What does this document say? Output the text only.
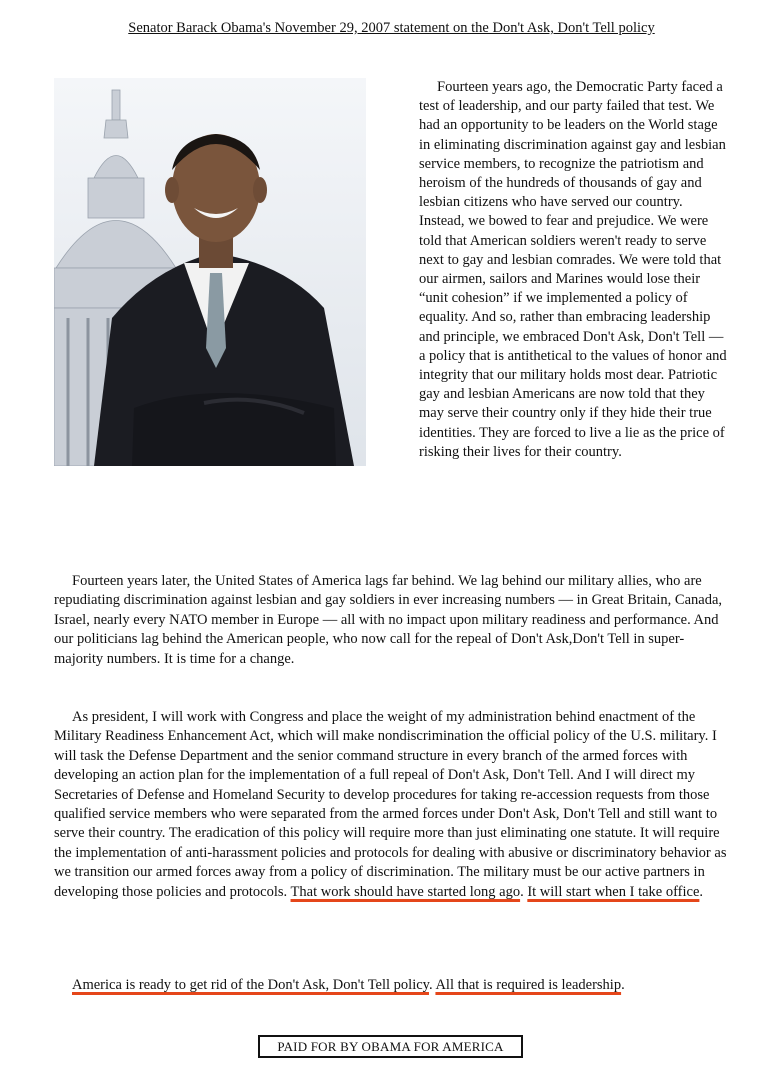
Senator Barack Obama's November 29, 2007 statement on the Don't Ask, Don't Tell policy

Fourteen years ago, the Democratic Party faced a test of leadership, and our party failed that test. We had an opportunity to be leaders on the World stage in eliminating discrimination against gay and lesbian service members, to recognize the patriotism and heroism of the hundreds of thousands of gay and lesbian citizens who have served our country. Instead, we bowed to fear and prejudice. We were told that American soldiers weren't ready to serve next to gay and lesbian comrades. We were told that our airmen, sailors and Marines would lose their “unit cohesion” if we implemented a policy of equality. And so, rather than embracing leadership and principle, we embraced Don't Ask, Don't Tell — a policy that is antithetical to the values of honor and integrity that our military holds most dear. Patriotic gay and lesbian Americans are now told that they may serve their country only if they hide their true identities. They are forced to live a lie as the price of risking their lives for their country.

Fourteen years later, the United States of America lags far behind. We lag behind our military allies, who are repudiating discrimination against lesbian and gay soldiers in ever increasing numbers — in Great Britain, Canada, Israel, nearly every NATO member in Europe — all with no impact upon military readiness and performance. And our politicians lag behind the American people, who now call for the repeal of Don't Ask,Don't Tell in super-majority numbers. It is time for a change.

As president, I will work with Congress and place the weight of my administration behind enactment of the Military Readiness Enhancement Act, which will make nondiscrimination the official policy of the U.S. military. I will task the Defense Department and the senior command structure in every branch of the armed forces with developing an action plan for the implementation of a full repeal of Don't Ask, Don't Tell. And I will direct my Secretaries of Defense and Homeland Security to develop procedures for taking re-accession requests from those qualified service members who were separated from the armed forces under Don't Ask, Don't Tell and still want to serve their country. The eradication of this policy will require more than just eliminating one statute. It will require the implementation of anti-harassment policies and protocols for dealing with abusive or discriminatory behavior as we transition our armed forces away from a policy of discrimination. The military must be our active partners in developing those policies and protocols. That work should have started long ago. It will start when I take office.

America is ready to get rid of the Don't Ask, Don't Tell policy. All that is required is leadership.

PAID FOR BY OBAMA FOR AMERICA
